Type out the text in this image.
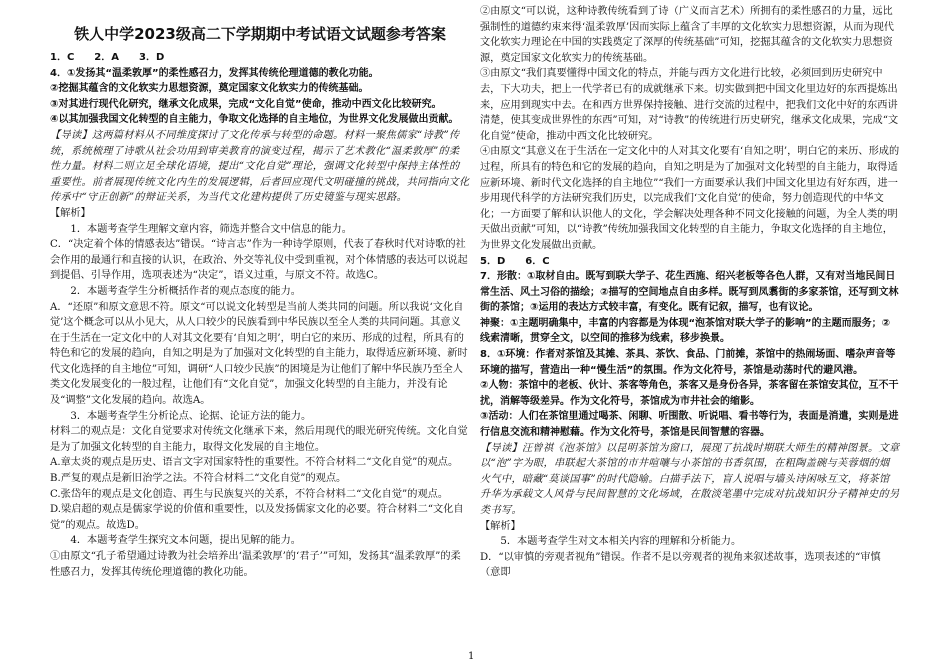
铁人中学2023级高二下学期期中考试语文试题参考答案

1．C　　2．A　　3．D

4．①发扬其“温柔敦厚”的柔性感召力，发挥其传统伦理道德的教化功能。

②挖掘其蕴含的文化软实力思想资源，奠定国家文化软实力的传统基础。

③对其进行现代化研究，继承文化成果，完成“文化自觉”使命，推动中西文化比较研究。

④以其加强我国文化转型的自主能力，争取文化选择的自主地位，为世界文化发展做出贡献。

【导读】这两篇材料从不同维度探讨了文化传承与转型的命题。材料一聚焦儒家“诗教”传统，系统梳理了诗歌从社会功用到审美教育的演变过程，揭示了艺术教化“温柔敦厚”的柔性力量。材料二则立足全球化语境，提出“文化自觉”理论，强调文化转型中保持主体性的重要性。前者展现传统文化内生的发展逻辑，后者回应现代文明碰撞的挑战，共同指向文化传承中“守正创新”的辩证关系，为当代文化建构提供了历史镜鉴与现实思路。

【解析】

1．本题考查学生理解文章内容，筛选并整合文中信息的能力。

C．“决定着个体的情感表达”错误。“诗言志”作为一种诗学原则，代表了春秋时代对诗歌的社会作用的最通行和直接的认识，在政治、外交等礼仪中受到重视，对个体情感的表达可以说起到提倡、引导作用，选项表述为“决定”，语义过重，与原文不符。故选C。

2．本题考查学生分析概括作者的观点态度的能力。

A．“还原”和原文意思不符。原文“可以说文化转型是当前人类共同的问题。所以我说‘文化自觉’这个概念可以从小见大，从人口较少的民族看到中华民族以至全人类的共同问题。其意义在于生活在一定文化中的人对其文化要有‘自知之明’，明白它的来历、形成的过程，所具有的特色和它的发展的趋向，自知之明是为了加强对文化转型的自主能力，取得适应新环境、新时代文化选择的自主地位”可知，调研“人口较少民族”的困境是为让他们了解中华民族乃至全人类文化发展变化的一般过程，让他们有“文化自觉”，加强文化转型的自主能力，并没有论及“调整”文化发展的趋向。故选A。

3．本题考查学生分析论点、论据、论证方法的能力。

材料二的观点是：文化自觉要求对传统文化继承下来，然后用现代的眼光研究传统。文化自觉是为了加强文化转型的自主能力，取得文化发展的自主地位。

A.章太炎的观点是历史、语言文字对国家特性的重要性。不符合材料二“文化自觉”的观点。

B.严复的观点是新旧治学之法。不符合材料二“文化自觉”的观点。

C.张岱年的观点是文化创造、再生与民族复兴的关系，不符合材料二“文化自觉”的观点。

D.梁启超的观点是儒家学说的价值和重要性，以及发扬儒家文化的必要。符合材料二“文化自觉”的观点。故选D。

4．本题考查学生探究文本问题，提出见解的能力。

①由原文“孔子希望通过诗教为社会培养出‘温柔敦厚’的‘君子’”可知，发扬其“温柔敦厚”的柔性感召力，发挥其传统伦理道德的教化功能。

②由原文“可以说，这种诗教传统看到了诗（广义而言艺术）所拥有的柔性感召的力量，远比强制性的道德约束来得‘温柔敦厚’因而实际上蕴含了丰厚的文化软实力思想资源，从而为现代文化软实力理论在中国的实践奠定了深厚的传统基础”可知，挖掘其蕴含的文化软实力思想资源，奠定国家文化软实力的传统基础。

③由原文“我们真要懂得中国文化的特点，并能与西方文化进行比较，必须回到历史研究中去，下大功夫，把上一代学者已有的成就继承下来。切实做到把中国文化里边好的东西提炼出来，应用到现实中去。在和西方世界保持接触、进行交流的过程中，把我们文化中好的东西讲清楚，使其变成世界性的东西”可知，对“诗教”的传统进行历史研究，继承文化成果，完成“文化自觉”使命，推动中西文化比较研究。

④由原文“其意义在于生活在一定文化中的人对其文化要有‘自知之明’，明白它的来历、形成的过程，所具有的特色和它的发展的趋向，自知之明是为了加强对文化转型的自主能力，取得适应新环境、新时代文化选择的自主地位”“我们一方面要承认我们中国文化里边有好东西，进一步用现代科学的方法研究我们历史，以完成我们‘文化自觉’的使命，努力创造现代的中华文化；一方面要了解和认识他人的文化，学会解决处理各种不同文化接触的问题，为全人类的明天做出贡献”可知，以“诗教”传统加强我国文化转型的自主能力，争取文化选择的自主地位，为世界文化发展做出贡献。

5．D　　6．C

7．形散：①取材自由。既写到联大学子、花生西施、绍兴老板等各色人群，又有对当地民间日常生活、风土习俗的描绘；②描写的空间地点自由多样。既写到凤翥街的多家茶馆，还写到文林街的茶馆；③运用的表达方式较丰富，有变化。既有记叙，描写，也有议论。

神聚：①主题明确集中，丰富的内容都是为体现“泡茶馆对联大学子的影响”的主题而服务；②线索清晰，贯穿全文，以空间的推移为线索，移步换景。

8．①环境：作者对茶馆及其摊、茶具、茶饮、食品、门前摊，茶馆中的热闹场面、嗜杂声音等环境的描写，营造出一种“慢生活”的氛围。作为文化符号，茶馆是动荡时代的避风港。

②人物：茶馆中的老板、伙计、茶客等角色，茶客又是身份各异，茶客留在茶馆安其位，互不干扰，消解等级差异。作为文化符号，茶馆成为市井社会的缩影。

③活动：人们在茶馆里通过喝茶、闲聊、听围散、听说唱、看书等行为，表面是消遣，实则是进行信息交流和精神慰藉。作为文化符号，茶馆是民间智慧的容器。

【导读】汪曾祺《泡茶馆》以昆明茶馆为窗口，展现了抗战时期联大师生的精神图景。文章以“泡”字为眼，串联起大茶馆的市井喧嚷与小茶馆的书香氛围，在粗陶盖碗与芙蓉烟的烟火气中，暗藏“莫谈国事”的时代隐喻。白描手法下，盲人说唱与墙头诗闲咏互文，将茶馆升华为承载文人风骨与民间智慧的文化场域，在散淡笔墨中完成对抗战知识分子精神史的另类书写。

【解析】

5．本题考查学生对文本相关内容的理解和分析能力。

D．“以审慎的旁观者视角”错误。作者不是以旁观者的视角来叙述故事，选项表述的“审慎（意即

1
